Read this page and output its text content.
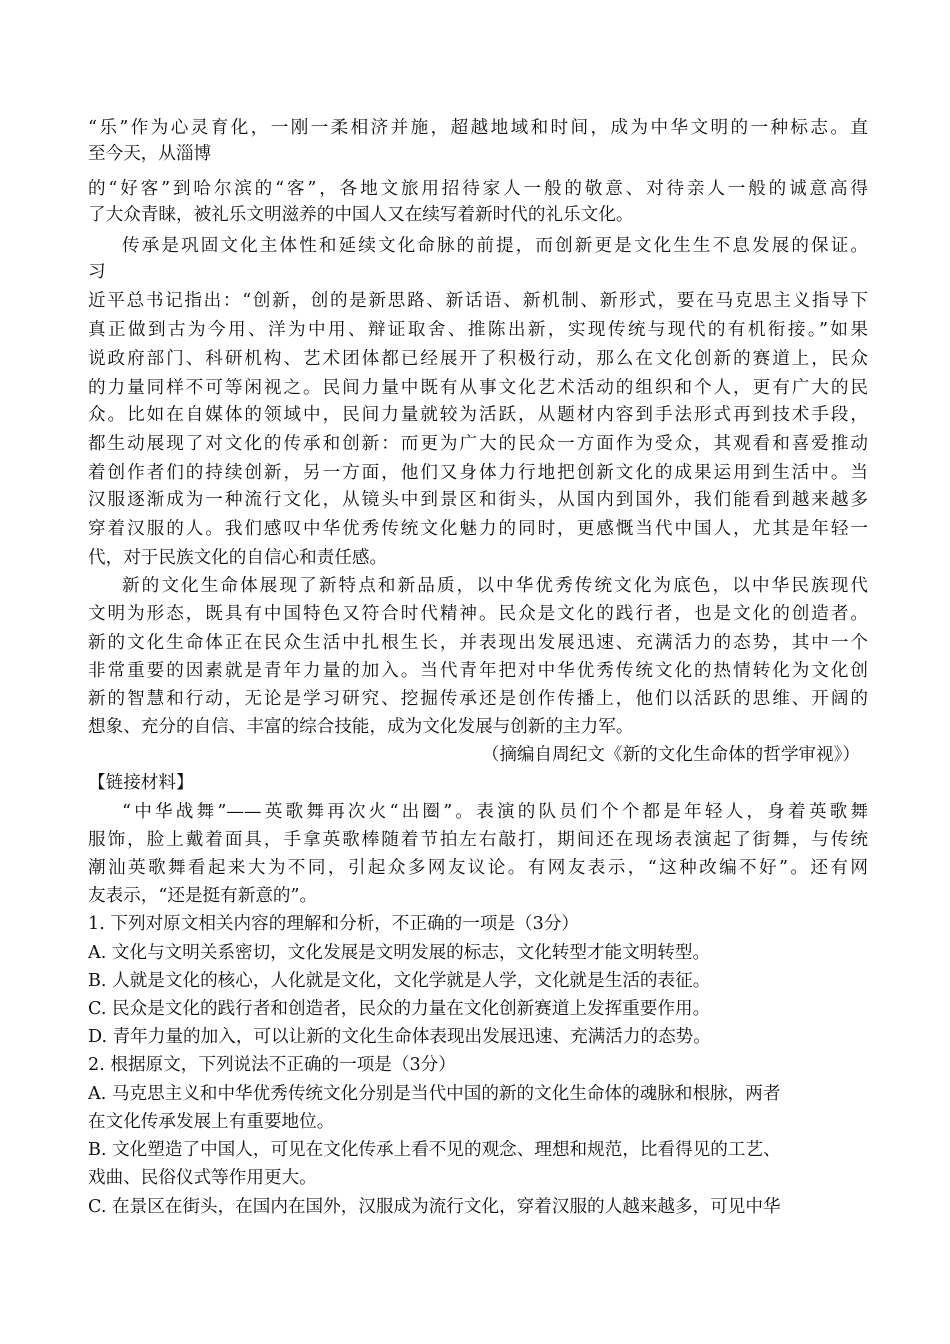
“乐”作为心灵育化，一刚一柔相济并施，超越地域和时间，成为中华文明的一种标志。直
至今天，从淄博
的“好客”到哈尔滨的“客”，各地文旅用招待家人一般的敬意、对待亲人一般的诚意高得
了大众青睐，被礼乐文明滋养的中国人又在续写着新时代的礼乐文化。
传承是巩固文化主体性和延续文化命脉的前提，而创新更是文化生生不息发展的保证。
习
近平总书记指出：“创新，创的是新思路、新话语、新机制、新形式，要在马克思主义指导下
真正做到古为今用、洋为中用、辩证取舍、推陈出新，实现传统与现代的有机衔接。”如果
说政府部门、科研机构、艺术团体都已经展开了积极行动，那么在文化创新的赛道上，民众
的力量同样不可等闲视之。民间力量中既有从事文化艺术活动的组织和个人，更有广大的民
众。比如在自媒体的领域中，民间力量就较为活跃，从题材内容到手法形式再到技术手段，
都生动展现了对文化的传承和创新：而更为广大的民众一方面作为受众，其观看和喜爱推动
着创作者们的持续创新，另一方面，他们又身体力行地把创新文化的成果运用到生活中。当
汉服逐渐成为一种流行文化，从镜头中到景区和街头，从国内到国外，我们能看到越来越多
穿着汉服的人。我们感叹中华优秀传统文化魅力的同时，更感慨当代中国人，尤其是年轻一
代，对于民族文化的自信心和责任感。
新的文化生命体展现了新特点和新品质，以中华优秀传统文化为底色，以中华民族现代
文明为形态，既具有中国特色又符合时代精神。民众是文化的践行者，也是文化的创造者。
新的文化生命体正在民众生活中扎根生长，并表现出发展迅速、充满活力的态势，其中一个
非常重要的因素就是青年力量的加入。当代青年把对中华优秀传统文化的热情转化为文化创
新的智慧和行动，无论是学习研究、挖掘传承还是创作传播上，他们以活跃的思维、开阔的
想象、充分的自信、丰富的综合技能，成为文化发展与创新的主力军。
（摘编自周纪文《新的文化生命体的哲学审视》）
【链接材料】
“中华战舞”——英歌舞再次火“出圈”。表演的队员们个个都是年轻人，身着英歌舞
服饰，脸上戴着面具，手拿英歌棒随着节拍左右敲打，期间还在现场表演起了街舞，与传统
潮汕英歌舞看起来大为不同，引起众多网友议论。有网友表示，“这种改编不好”。还有网
友表示，“还是挺有新意的”。
1. 下列对原文相关内容的理解和分析，不正确的一项是（3分）
A. 文化与文明关系密切，文化发展是文明发展的标志，文化转型才能文明转型。
B. 人就是文化的核心，人化就是文化，文化学就是人学，文化就是生活的表征。
C. 民众是文化的践行者和创造者，民众的力量在文化创新赛道上发挥重要作用。
D. 青年力量的加入，可以让新的文化生命体表现出发展迅速、充满活力的态势。
2. 根据原文，下列说法不正确的一项是（3分）
A. 马克思主义和中华优秀传统文化分别是当代中国的新的文化生命体的魂脉和根脉，两者
在文化传承发展上有重要地位。
B. 文化塑造了中国人，可见在文化传承上看不见的观念、理想和规范，比看得见的工艺、
戏曲、民俗仪式等作用更大。
C. 在景区在街头，在国内在国外，汉服成为流行文化，穿着汉服的人越来越多，可见中华
